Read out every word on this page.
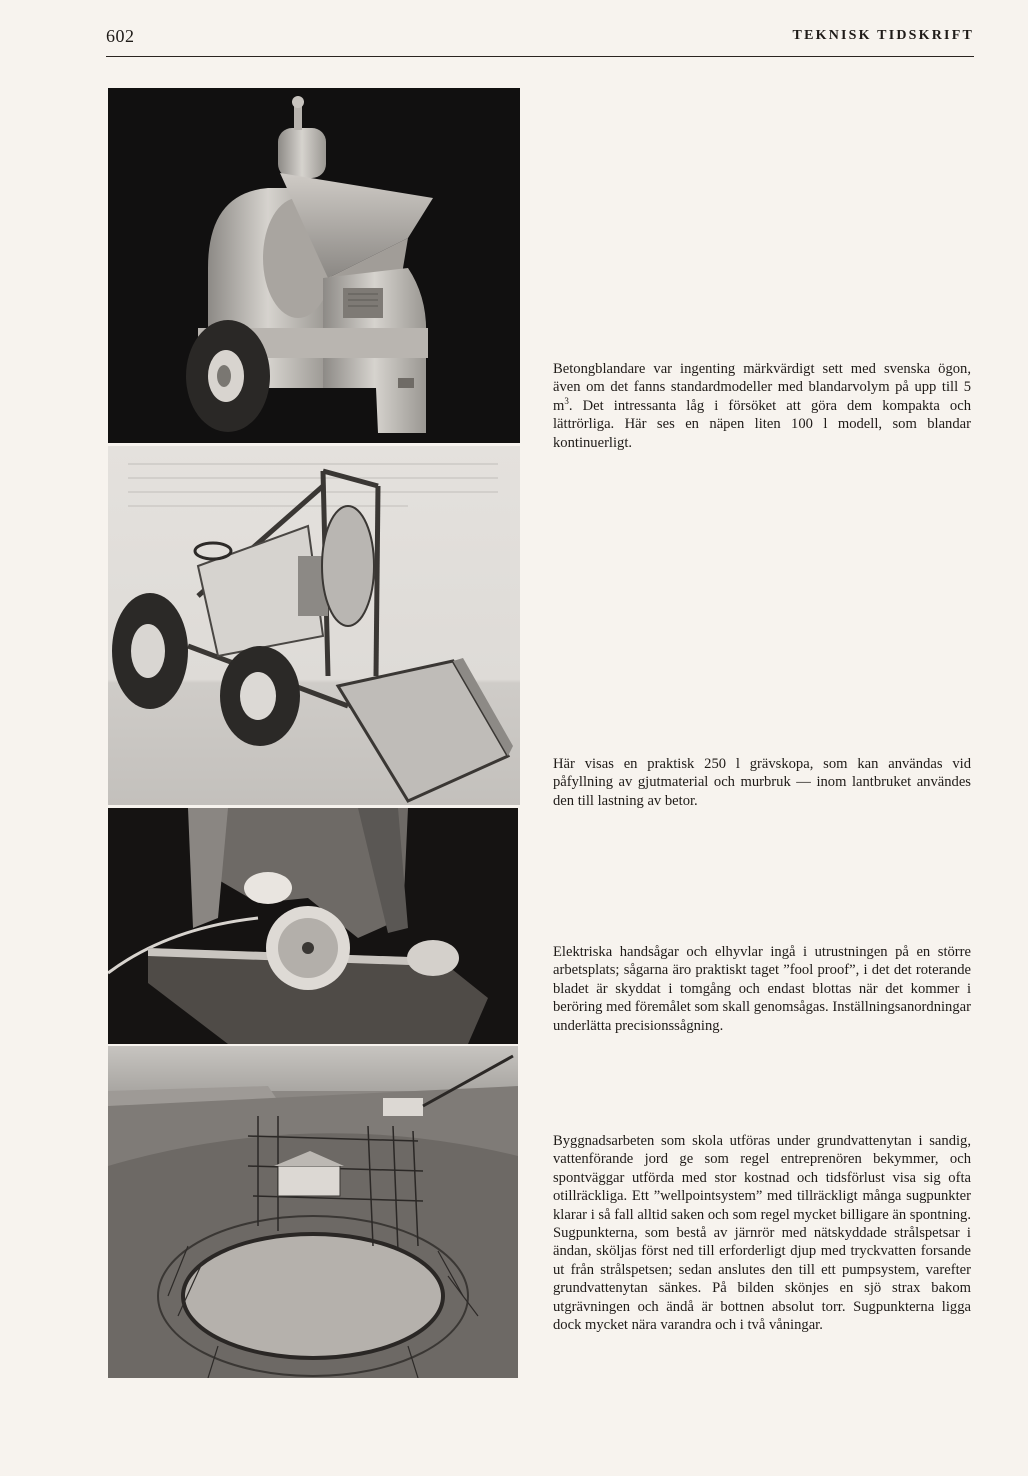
602	TEKNISK TIDSKRIFT

Betongblandare var ingenting märkvärdigt sett med svenska ögon, även om det fanns standardmodeller med blandarvolym på upp till 5 $m^3$. Det intressanta låg i försöket att göra dem kompakta och lättrörliga. Här ses en näpen liten 100 l modell, som blandar kontinuerligt.

Här visas en praktisk 250 l grävskopa, som kan användas vid påfyllning av gjutmaterial och murbruk — inom lantbruket användes den till lastning av betor.

Elektriska handsågar och elhyvlar ingå i utrustningen på en större arbetsplats; sågarna äro praktiskt taget ”fool proof”, i det det roterande bladet är skyddat i tomgång och endast blottas när det kommer i beröring med föremålet som skall genomsågas. Inställningsanordningar underlätta precisionssågning.

Byggnadsarbeten som skola utföras under grundvattenytan i sandig, vattenförande jord ge som regel entreprenören bekymmer, och spontväggar utförda med stor kostnad och tidsförlust visa sig ofta otillräckliga. Ett ”wellpointsystem” med tillräckligt många sugpunkter klarar i så fall alltid saken och som regel mycket billigare än spontning. Sugpunkterna, som bestå av järnrör med nätskyddade strålspetsar i ändan, sköljas först ned till erforderligt djup med tryckvatten forsande ut från strålspetsen; sedan anslutes den till ett pumpsystem, varefter grundvattenytan sänkes. På bilden skönjes en sjö strax bakom utgrävningen och ändå är bottnen absolut torr. Sugpunkterna ligga dock mycket nära varandra och i två våningar.
